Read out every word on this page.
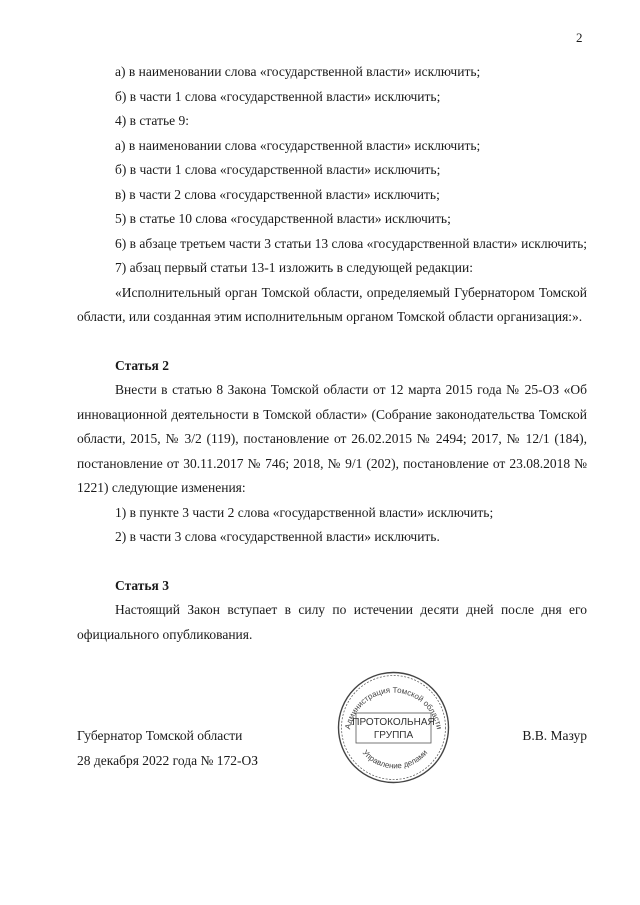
2

а) в наименовании слова «государственной власти» исключить;

б) в части 1 слова «государственной власти» исключить;

4) в статье 9:

а) в наименовании слова «государственной власти» исключить;

б) в части 1 слова «государственной власти» исключить;

в) в части 2 слова «государственной власти» исключить;

5) в статье 10 слова «государственной власти» исключить;

6) в абзаце третьем части 3 статьи 13 слова «государственной власти» исключить;

7) абзац первый статьи 13-1 изложить в следующей редакции:

«Исполнительный орган Томской области, определяемый Губернатором Томской области, или созданная этим исполнительным органом Томской области организация:».

Статья 2

Внести в статью 8 Закона Томской области от 12 марта 2015 года № 25-ОЗ «Об инновационной деятельности в Томской области» (Собрание законодательства Томской области, 2015, № 3/2 (119), постановление от 26.02.2015 № 2494; 2017, № 12/1 (184), постановление от 30.11.2017 № 746; 2018, № 9/1 (202), постановление от 23.08.2018 № 1221) следующие изменения:

1) в пункте 3 части 2 слова «государственной власти» исключить;

2) в части 3 слова «государственной власти» исключить.

Статья 3

Настоящий Закон вступает в силу по истечении десяти дней после дня его официального опубликования.

Администрация Томской области
Управление делами
ПРОТОКОЛЬНАЯ
ГРУППА
Губернатор Томской области	В.В. Мазур
28 декабря 2022 года № 172-ОЗ
